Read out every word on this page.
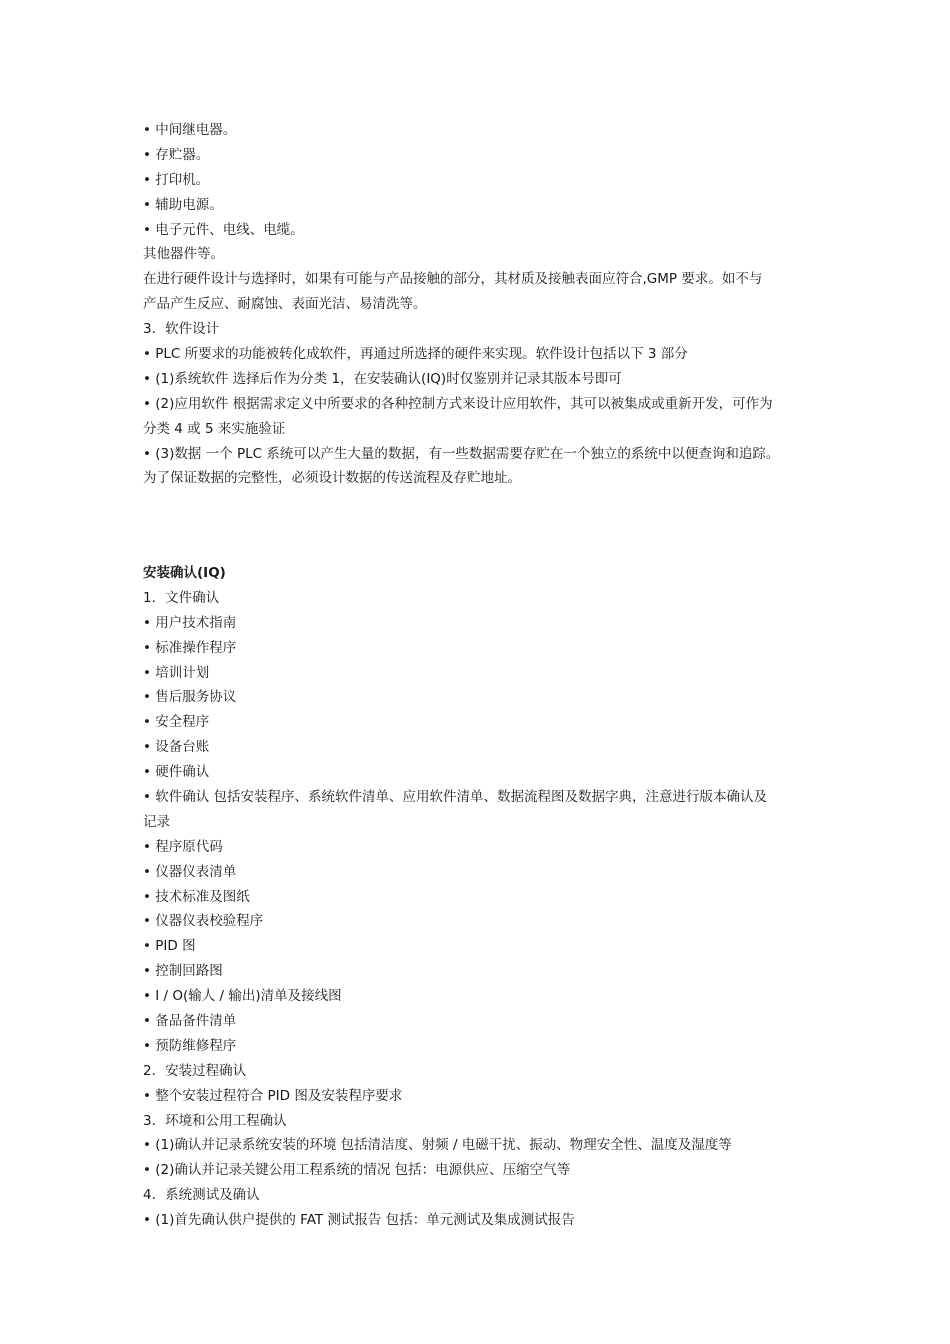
• 中间继电器。
• 存贮器。
• 打印机。
• 辅助电源。
• 电子元件、电线、电缆。
其他器件等。
在进行硬件设计与选择时，如果有可能与产品接触的部分，其材质及接触表面应符合,GMP 要求。如不与
产品产生反应、耐腐蚀、表面光洁、易清洗等。
3．软件设计
• PLC 所要求的功能被转化成软件，再通过所选择的硬件来实现。软件设计包括以下 3 部分
• (1)系统软件 选择后作为分类 1，在安装确认(IQ)时仅鉴别并记录其版本号即可
• (2)应用软件 根据需求定义中所要求的各种控制方式来设计应用软件，其可以被集成或重新开发，可作为
分类 4 或 5 来实施验证
• (3)数据 一个 PLC 系统可以产生大量的数据，有一些数据需要存贮在一个独立的系统中以便查询和追踪。
为了保证数据的完整性，必须设计数据的传送流程及存贮地址。
安装确认(IQ)
1．文件确认
• 用户技术指南
• 标准操作程序
• 培训计划
• 售后服务协议
• 安全程序
• 设备台账
• 硬件确认
• 软件确认 包括安装程序、系统软件清单、应用软件清单、数据流程图及数据字典，注意进行版本确认及
记录
• 程序原代码
• 仪器仪表清单
• 技术标准及图纸
• 仪器仪表校验程序
• PID 图
• 控制回路图
• I / O(输人 / 输出)清单及接线图
• 备品备件清单
• 预防维修程序
2．安装过程确认
• 整个安装过程符合 PID 图及安装程序要求
3．环境和公用工程确认
• (1)确认并记录系统安装的环境 包括清洁度、射频 / 电磁干扰、振动、物理安全性、温度及湿度等
• (2)确认并记录关键公用工程系统的情况 包括：电源供应、压缩空气等
4．系统测试及确认
• (1)首先确认供户提供的 FAT 测试报告 包括：单元测试及集成测试报告
